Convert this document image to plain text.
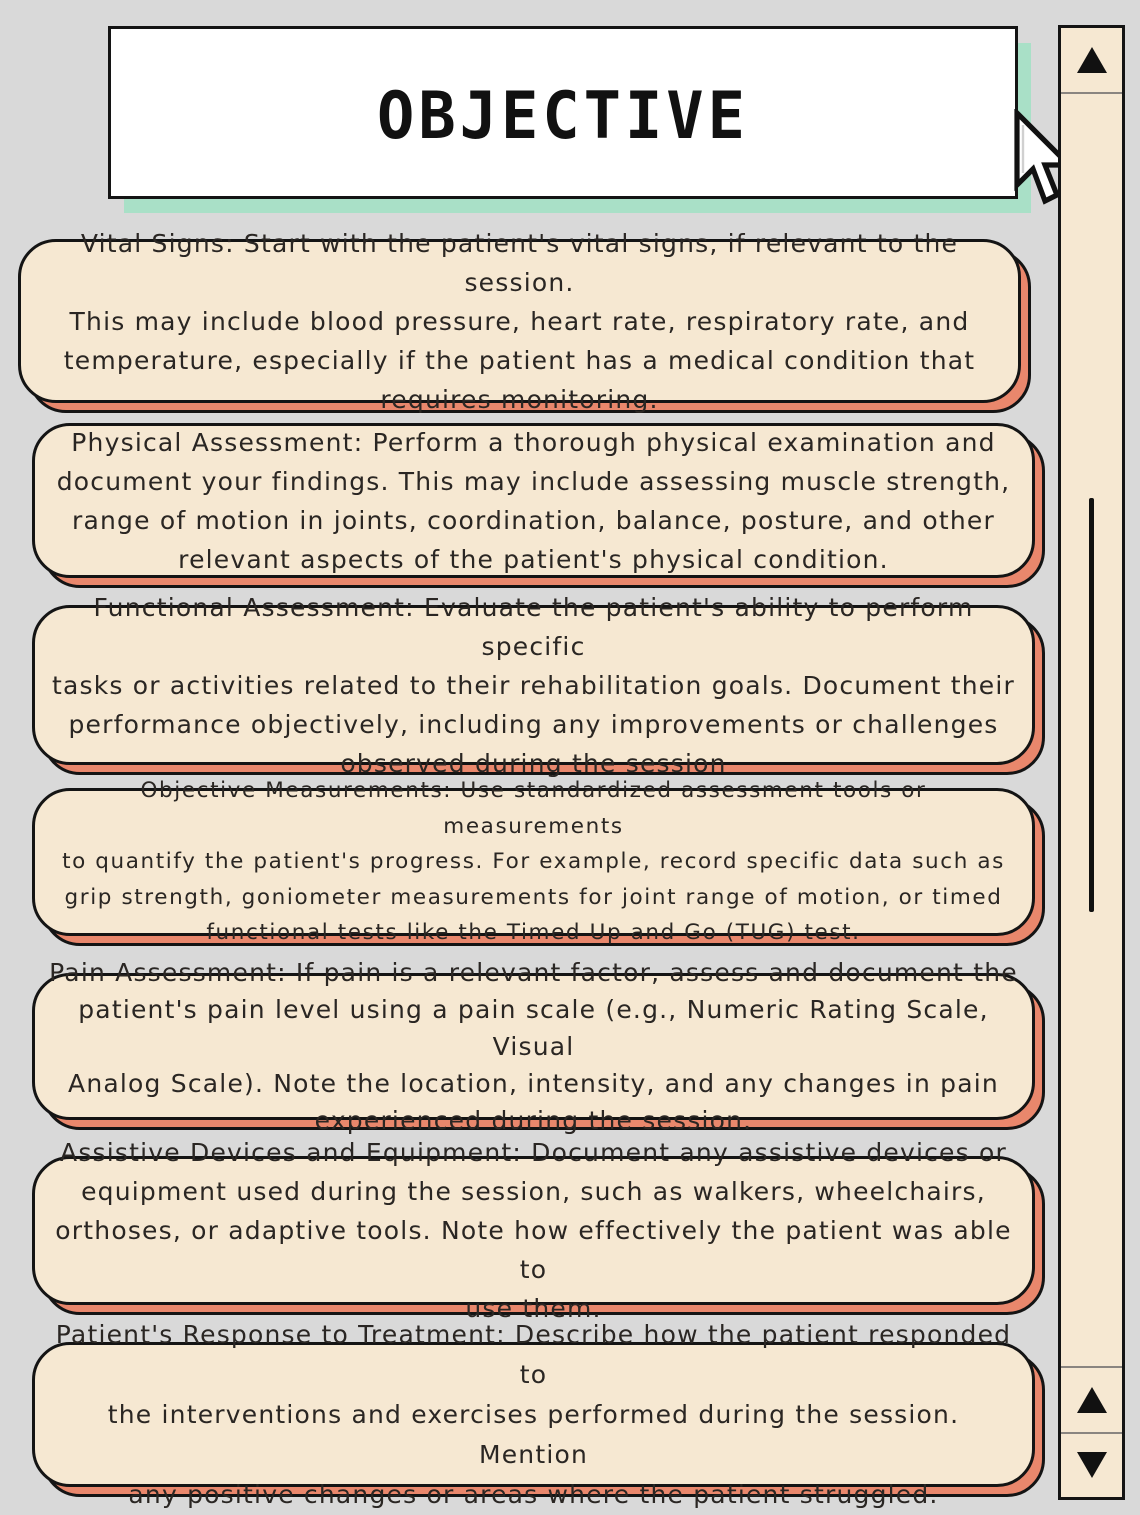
OBJECTIVE

Vital Signs: Start with the patient's vital signs, if relevant to the session.
This may include blood pressure, heart rate, respiratory rate, and
temperature, especially if the patient has a medical condition that
requires monitoring.

Physical Assessment: Perform a thorough physical examination and
document your findings. This may include assessing muscle strength,
range of motion in joints, coordination, balance, posture, and other
relevant aspects of the patient's physical condition.

Functional Assessment: Evaluate the patient's ability to perform specific
tasks or activities related to their rehabilitation goals. Document their
performance objectively, including any improvements or challenges
observed during the session

Objective Measurements: Use standardized assessment tools or measurements
to quantify the patient's progress. For example, record specific data such as
grip strength, goniometer measurements for joint range of motion, or timed
functional tests like the Timed Up and Go (TUG) test.

Pain Assessment: If pain is a relevant factor, assess and document the
patient's pain level using a pain scale (e.g., Numeric Rating Scale, Visual
Analog Scale). Note the location, intensity, and any changes in pain
experienced during the session.

Assistive Devices and Equipment: Document any assistive devices or
equipment used during the session, such as walkers, wheelchairs,
orthoses, or adaptive tools. Note how effectively the patient was able to
use them.

Patient's Response to Treatment: Describe how the patient responded to
the interventions and exercises performed during the session. Mention
any positive changes or areas where the patient struggled.
